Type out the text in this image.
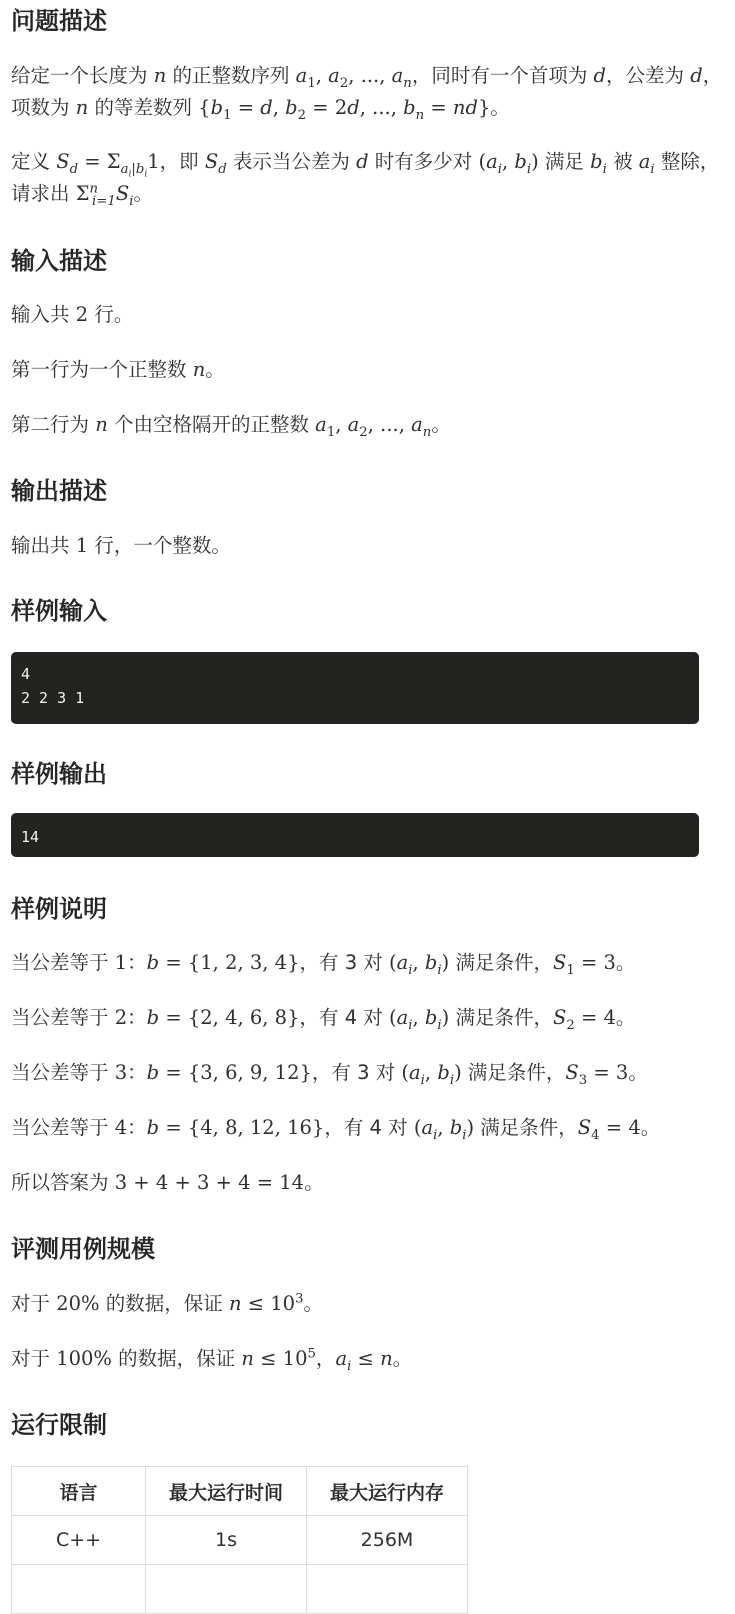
问题描述

给定一个长度为 n 的正整数序列 $a_1$, $a_2$, ..., $a_n$，同时有一个首项为 d，公差为 d，项数为 n 的等差数列 {$b_1 = d$, $b_2 = 2d$, ..., $b_n = nd$}。

定义 $S_d = \Sigma_{a_i|b_i}1$，即 $S_d$ 表示当公差为 d 时有多少对 ($a_i$, $b_i$) 满足 $b_i$ 被 $a_i$ 整除，请求出 $\Sigma^n_{i=1}S_i$。

输入描述

输入共 2 行。

第一行为一个正整数 n。

第二行为 n 个由空格隔开的正整数 $a_1$, $a_2$, ..., $a_n$。

输出描述

输出共 1 行，一个整数。

样例输入
4
2 2 3 1
样例输出
14
样例说明

当公差等于 1：b = {1, 2, 3, 4}，有 3 对 ($a_i$, $b_i$) 满足条件，$S_1 = 3$。

当公差等于 2：b = {2, 4, 6, 8}，有 4 对 ($a_i$, $b_i$) 满足条件，$S_2 = 4$。

当公差等于 3：b = {3, 6, 9, 12}，有 3 对 ($a_i$, $b_i$) 满足条件，$S_3 = 3$。

当公差等于 4：b = {4, 8, 12, 16}，有 4 对 ($a_i$, $b_i$) 满足条件，$S_4 = 4$。

所以答案为 3 + 4 + 3 + 4 = 14。

评测用例规模

对于 20% 的数据，保证 $n \le 10^3$。

对于 100% 的数据，保证 $n \le 10^5$，$a_i \le n$。

运行限制
语言	最大运行时间	最大运行内存
C++	1s	256M
